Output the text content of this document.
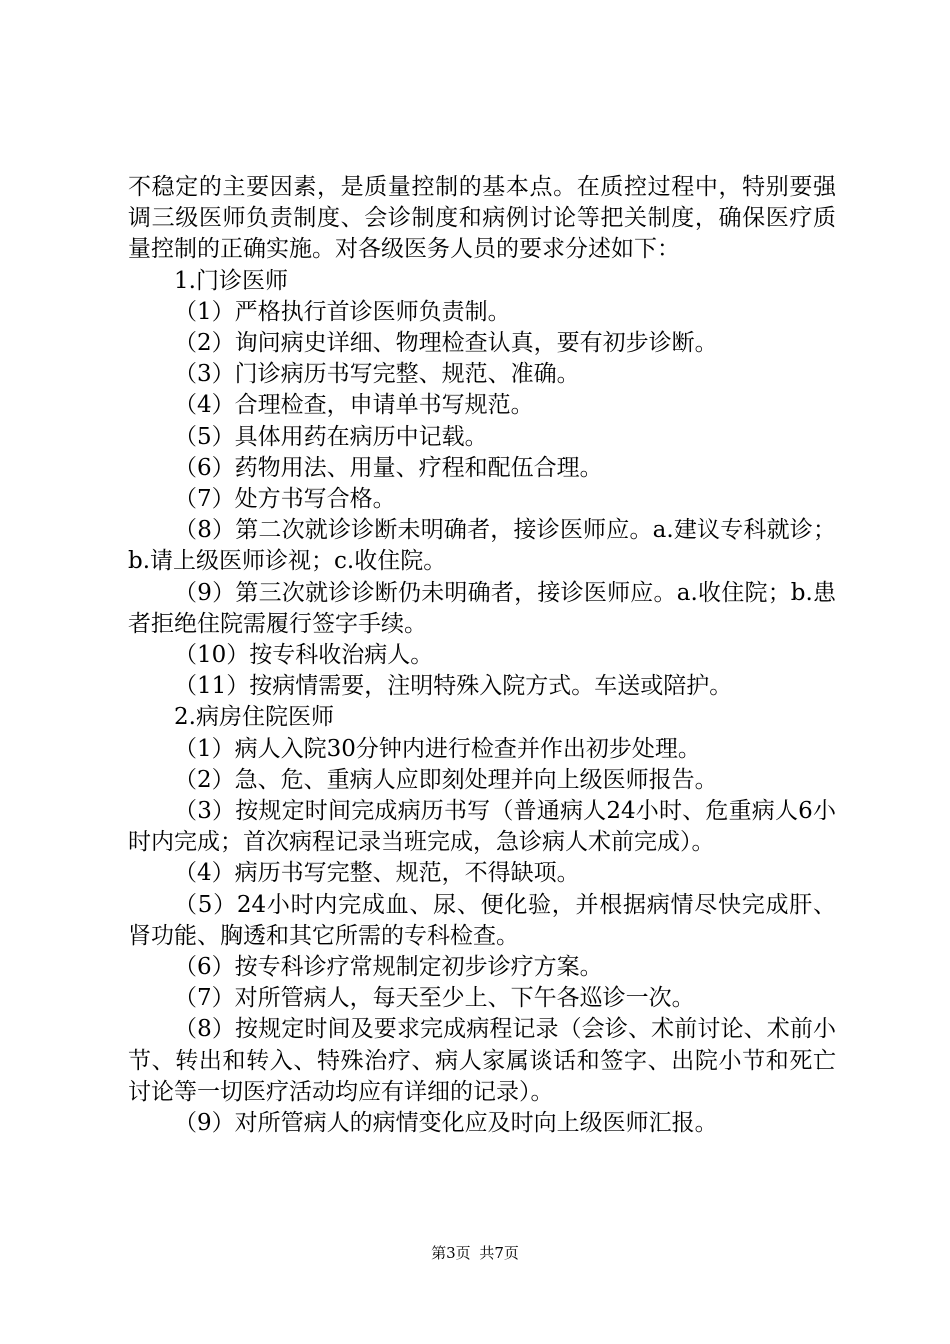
不稳定的主要因素，是质量控制的基本点。在质控过程中，特别要强调三级医师负责制度、会诊制度和病例讨论等把关制度，确保医疗质量控制的正确实施。对各级医务人员的要求分述如下：

1.门诊医师

（1）严格执行首诊医师负责制。

（2）询问病史详细、物理检查认真，要有初步诊断。

（3）门诊病历书写完整、规范、准确。

（4）合理检查，申请单书写规范。

（5）具体用药在病历中记载。

（6）药物用法、用量、疗程和配伍合理。

（7）处方书写合格。

（8）第二次就诊诊断未明确者，接诊医师应。a.建议专科就诊；b.请上级医师诊视；c.收住院。

（9）第三次就诊诊断仍未明确者，接诊医师应。a.收住院；b.患者拒绝住院需履行签字手续。

（10）按专科收治病人。

（11）按病情需要，注明特殊入院方式。车送或陪护。

2.病房住院医师

（1）病人入院30分钟内进行检查并作出初步处理。

（2）急、危、重病人应即刻处理并向上级医师报告。

（3）按规定时间完成病历书写（普通病人24小时、危重病人6小时内完成；首次病程记录当班完成，急诊病人术前完成）。

（4）病历书写完整、规范，不得缺项。

（5）24小时内完成血、尿、便化验，并根据病情尽快完成肝、肾功能、胸透和其它所需的专科检查。

（6）按专科诊疗常规制定初步诊疗方案。

（7）对所管病人，每天至少上、下午各巡诊一次。

（8）按规定时间及要求完成病程记录（会诊、术前讨论、术前小节、转出和转入、特殊治疗、病人家属谈话和签字、出院小节和死亡讨论等一切医疗活动均应有详细的记录）。

（9）对所管病人的病情变化应及时向上级医师汇报。

第3页 共7页
